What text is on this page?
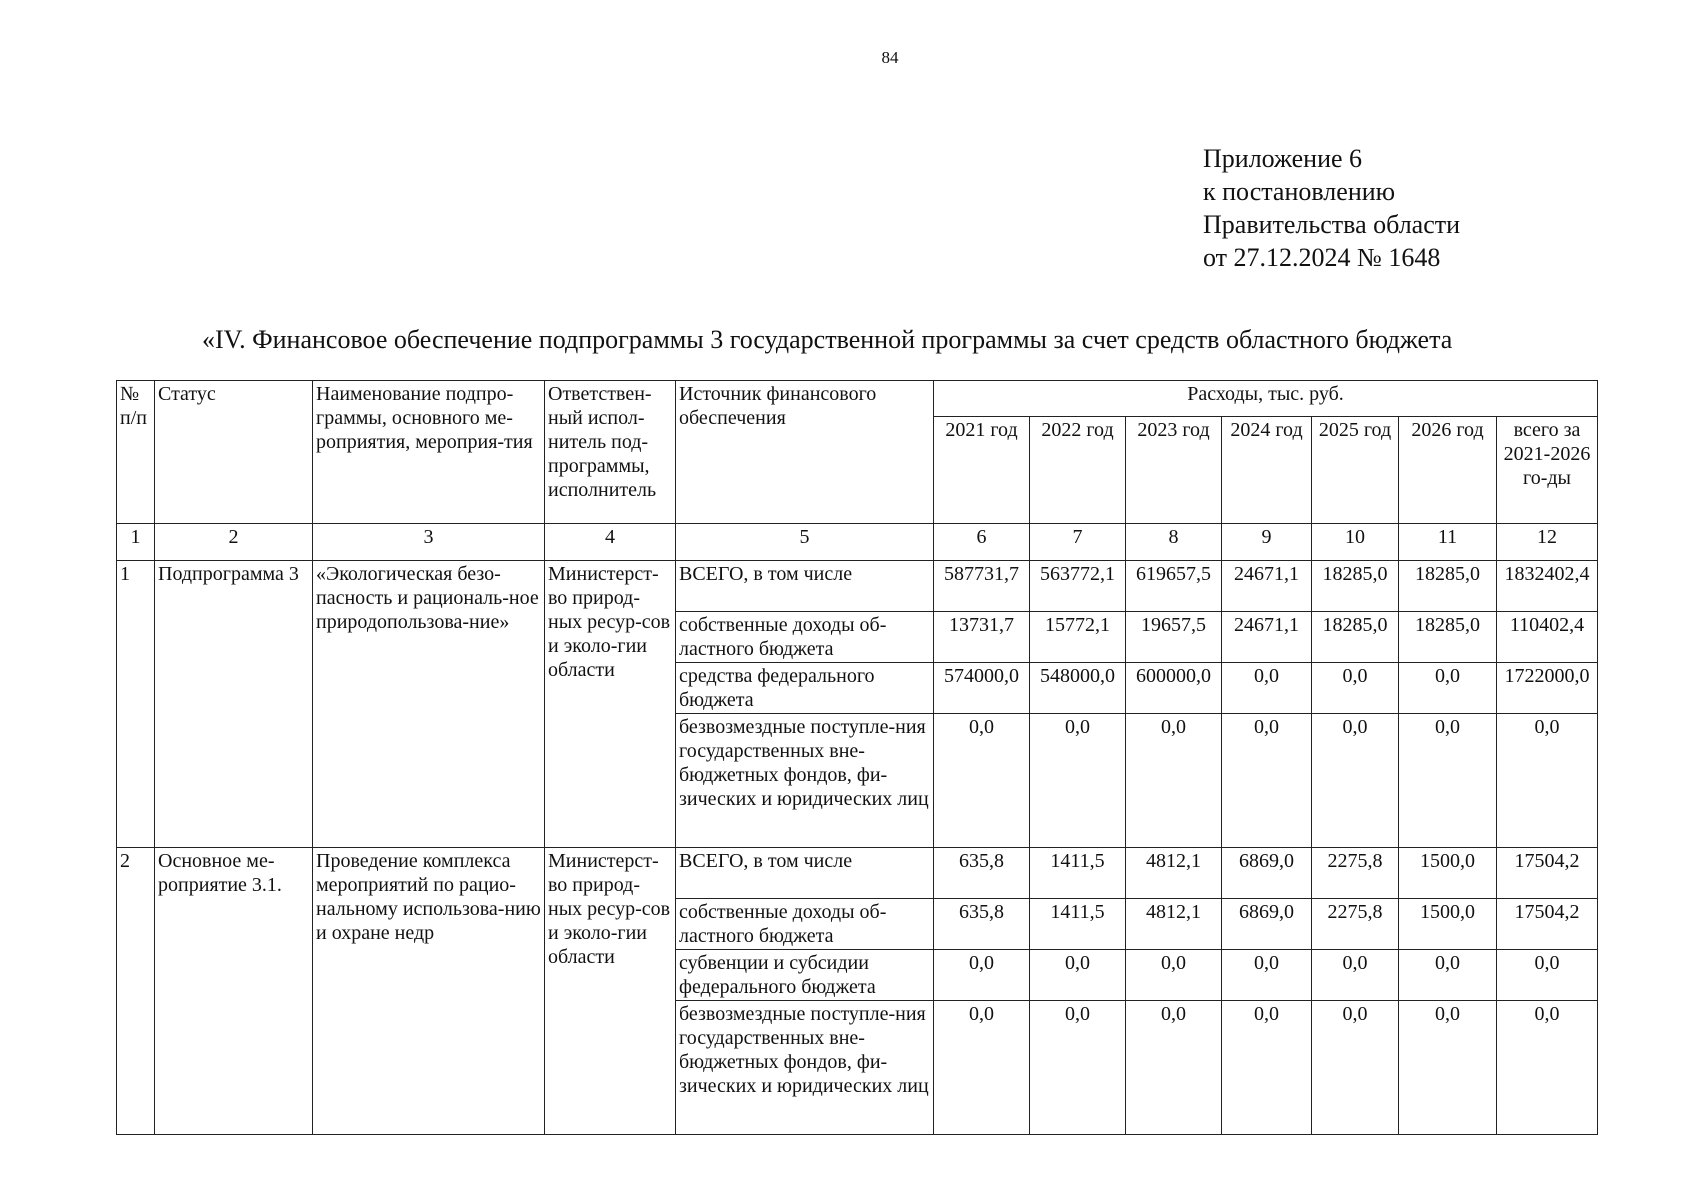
84
Приложение 6
к постановлению
Правительства области
от 27.12.2024 № 1648
«IV. Финансовое обеспечение подпрограммы 3 государственной программы за счет средств областного бюджета
№ п/п	Статус	Наименование подпро-граммы, основного ме-роприятия, мероприя-тия	Ответствен-ный испол-нитель под-программы, исполнитель	Источник финансового обеспечения	Расходы, тыс. руб.						
					2021 год	2022 год	2023 год	2024 год	2025 год	2026 год	всего за 2021-2026 го-ды
1	2	3	4	5	6	7	8	9	10	11	12
1	Подпрограмма 3	«Экологическая безо-пасность и рациональ-ное природопользова-ние»	Министерст-во природ-ных ресур-сов и эколо-гии области	ВСЕГО, в том числе	587731,7	563772,1	619657,5	24671,1	18285,0	18285,0	1832402,4
				собственные доходы об-ластного бюджета	13731,7	15772,1	19657,5	24671,1	18285,0	18285,0	110402,4
				средства федерального бюджета	574000,0	548000,0	600000,0	0,0	0,0	0,0	1722000,0
				безвозмездные поступле-ния государственных вне-бюджетных фондов, фи-зических и юридических лиц	0,0	0,0	0,0	0,0	0,0	0,0	0,0
2	Основное ме-роприятие 3.1.	Проведение комплекса мероприятий по рацио-нальному использова-нию и охране недр	Министерст-во природ-ных ресур-сов и эколо-гии области	ВСЕГО, в том числе	635,8	1411,5	4812,1	6869,0	2275,8	1500,0	17504,2
				собственные доходы об-ластного бюджета	635,8	1411,5	4812,1	6869,0	2275,8	1500,0	17504,2
				субвенции и субсидии федерального бюджета	0,0	0,0	0,0	0,0	0,0	0,0	0,0
				безвозмездные поступле-ния государственных вне-бюджетных фондов, фи-зических и юридических лиц	0,0	0,0	0,0	0,0	0,0	0,0	0,0
